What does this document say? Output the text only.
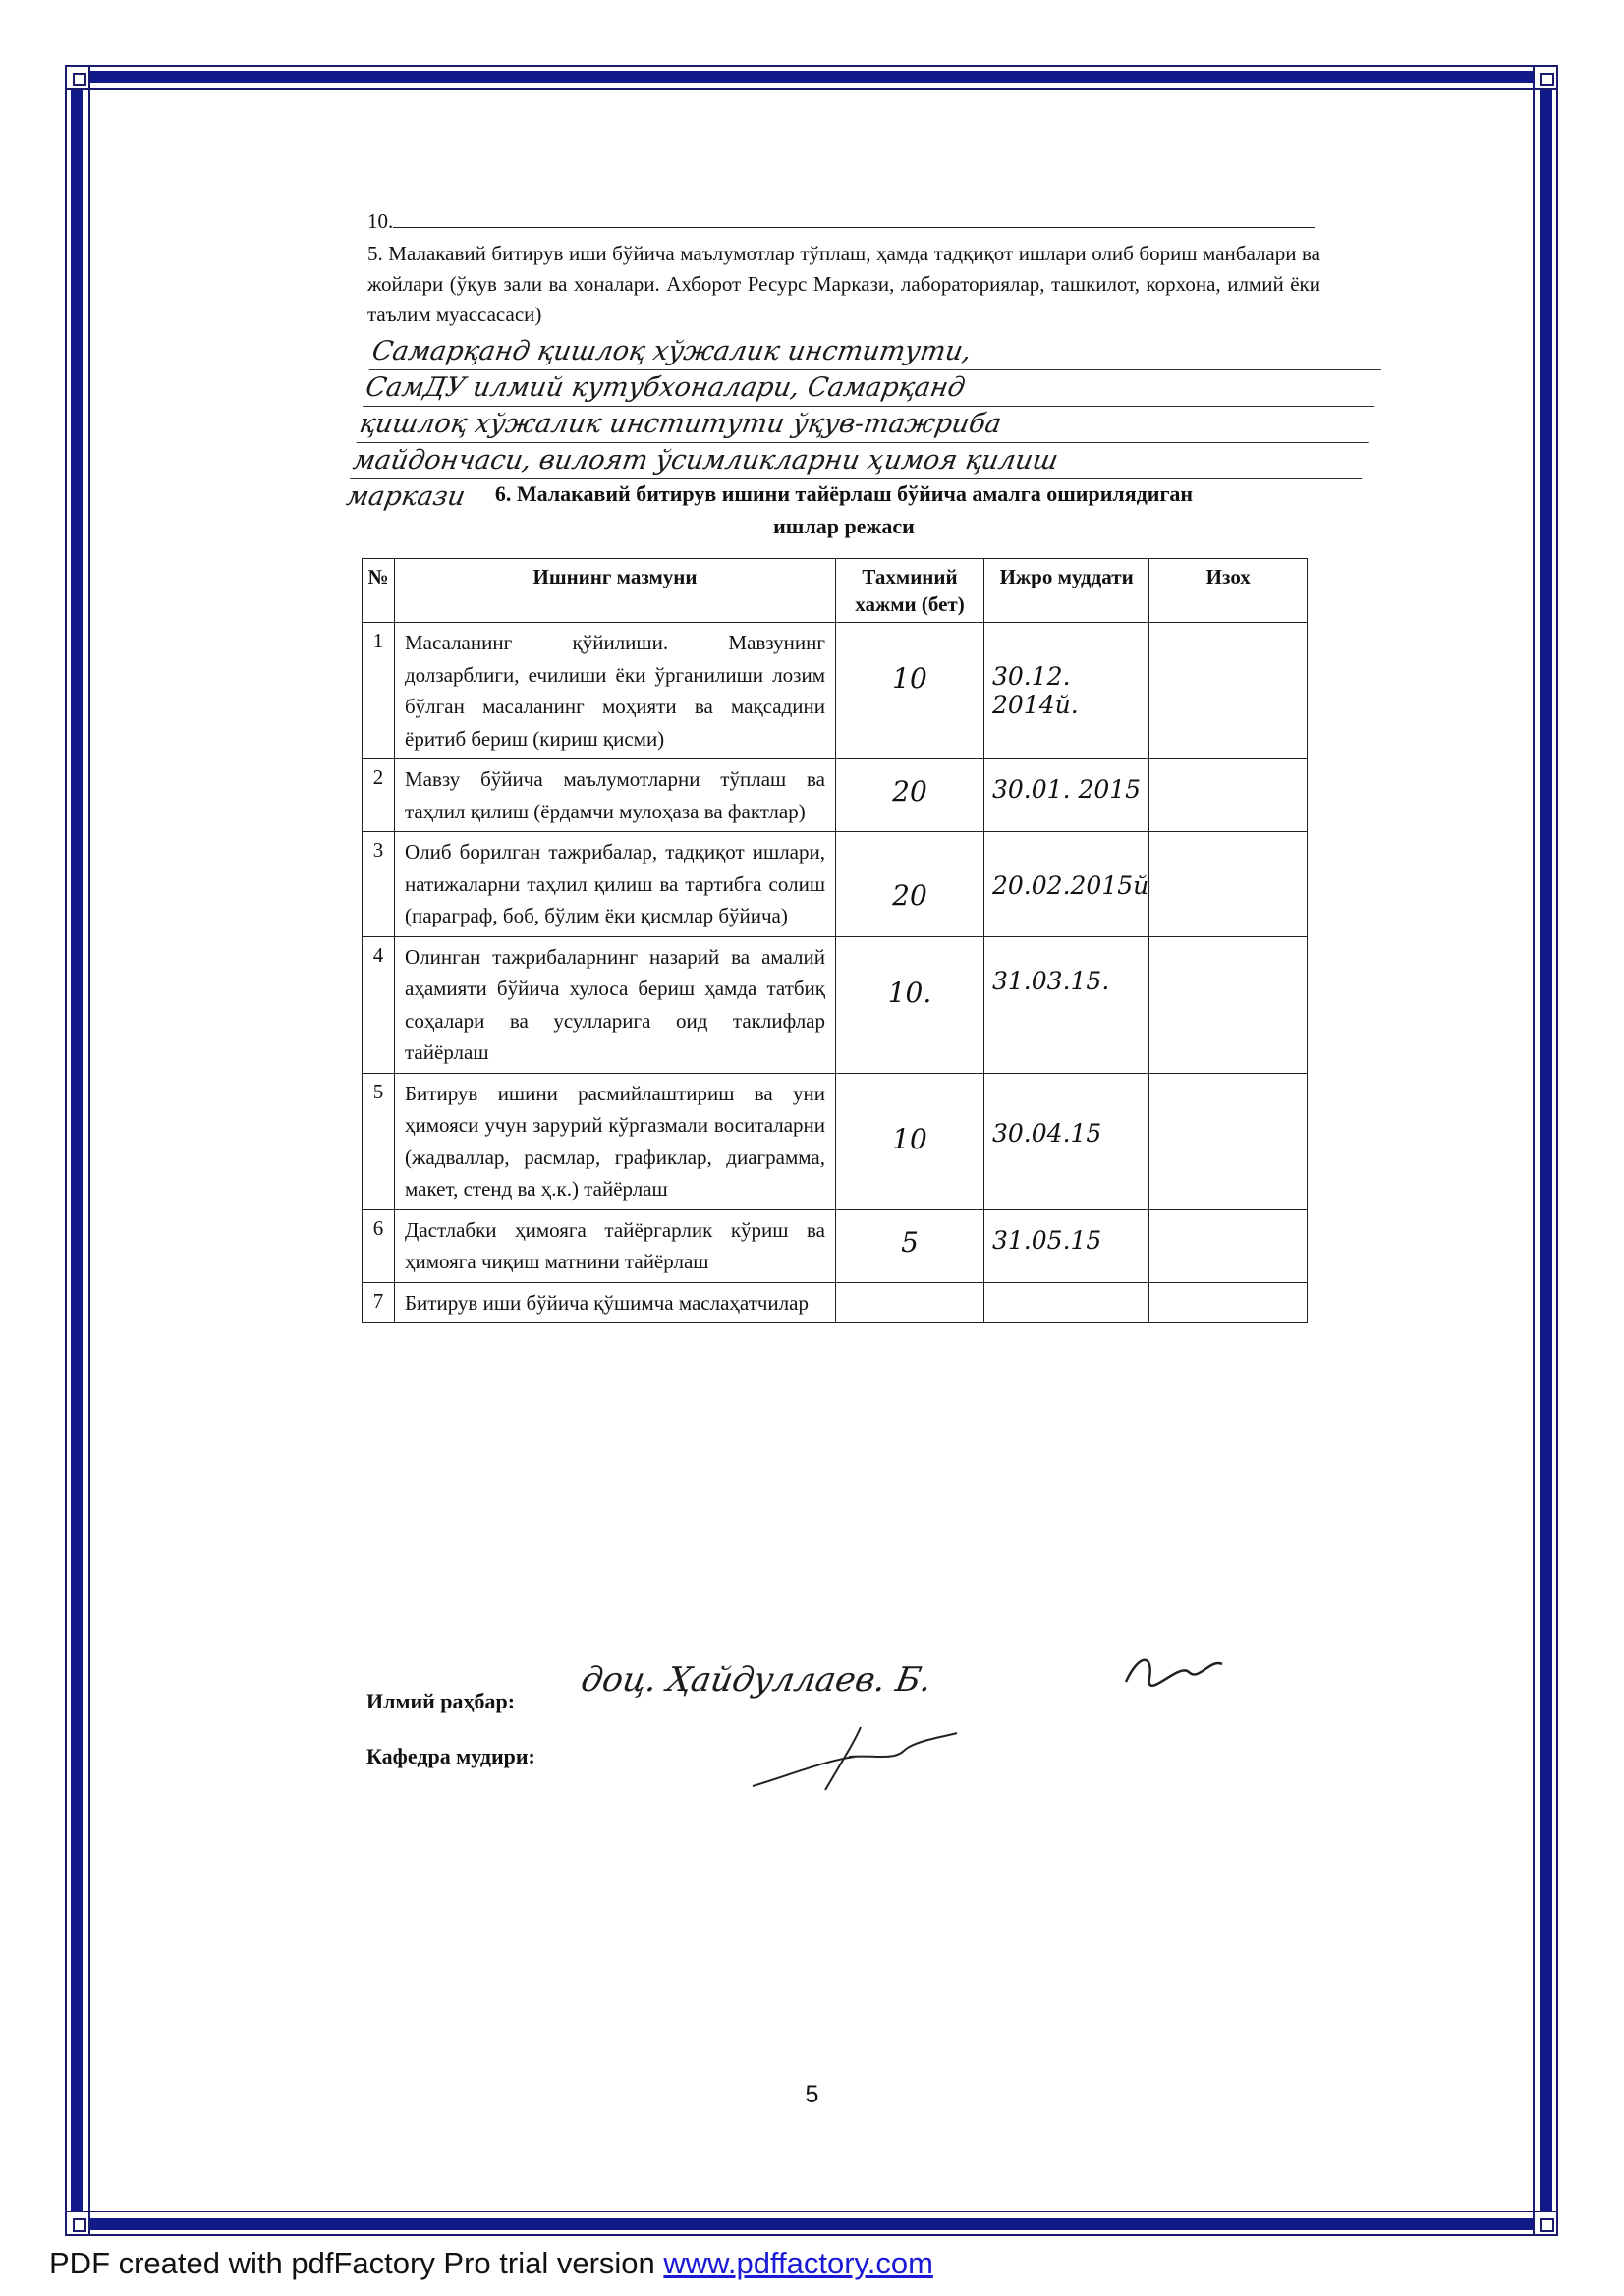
10.
5. Малакавий битирув иши бўйича маълумотлар тўплаш, ҳамда тадқиқот ишлари олиб бориш манбалари ва жойлари (ўқув зали ва хоналари. Ахборот Ресурс Маркази, лабораториялар, ташкилот, корхона, илмий ёки таълим муассасаси)
Самарқанд қишлоқ хўжалик институти,
СамДУ илмий кутубхоналари, Самарқанд
қишлоқ хўжалик институти ўқув-тажриба
майдончаси, вилоят ўсимликларни ҳимоя қилиш
маркази	6. Малакавий битирув ишини тайёрлаш бўйича амалга оширилядиган
ишлар режаси
№	Ишнинг мазмуни	Тахминий хажми (бет)	Ижро муддати	Изох
1	Масаланинг қўйилиши. Мавзунинг долзарблиги, ечилиши ёки ўрганилиши лозим бўлган масаланинг моҳияти ва мақсадини ёритиб бериш (кириш қисми)	10	30.12. 2014й.	
2	Мавзу бўйича маълумотларни тўплаш ва таҳлил қилиш (ёрдамчи мулоҳаза ва фактлар)	20	30.01. 2015	
3	Олиб борилган тажрибалар, тадқиқот ишлари, натижаларни таҳлил қилиш ва тартибга солиш (параграф, боб, бўлим ёки қисмлар бўйича)	20	20.02.2015й	
4	Олинган тажрибаларнинг назарий ва амалий аҳамияти бўйича хулоса бериш ҳамда татбиқ соҳалари ва усулларига оид таклифлар тайёрлаш	10.	31.03.15.	
5	Битирув ишини расмийлаштириш ва уни ҳимояси учун зарурий кўргазмали воситаларни (жадваллар, расмлар, графиклар, диаграмма, макет, стенд ва ҳ.к.) тайёрлаш	10	30.04.15	
6	Дастлабки ҳимояга тайёргарлик кўриш ва ҳимояга чиқиш матнини тайёрлаш	5	31.05.15	
7	Битирув иши бўйича қўшимча маслаҳатчилар			
Илмий раҳбар:
доц. Ҳайдуллаев. Б.
Кафедра мудири:
5
PDF created with pdfFactory Pro trial version www.pdffactory.com
